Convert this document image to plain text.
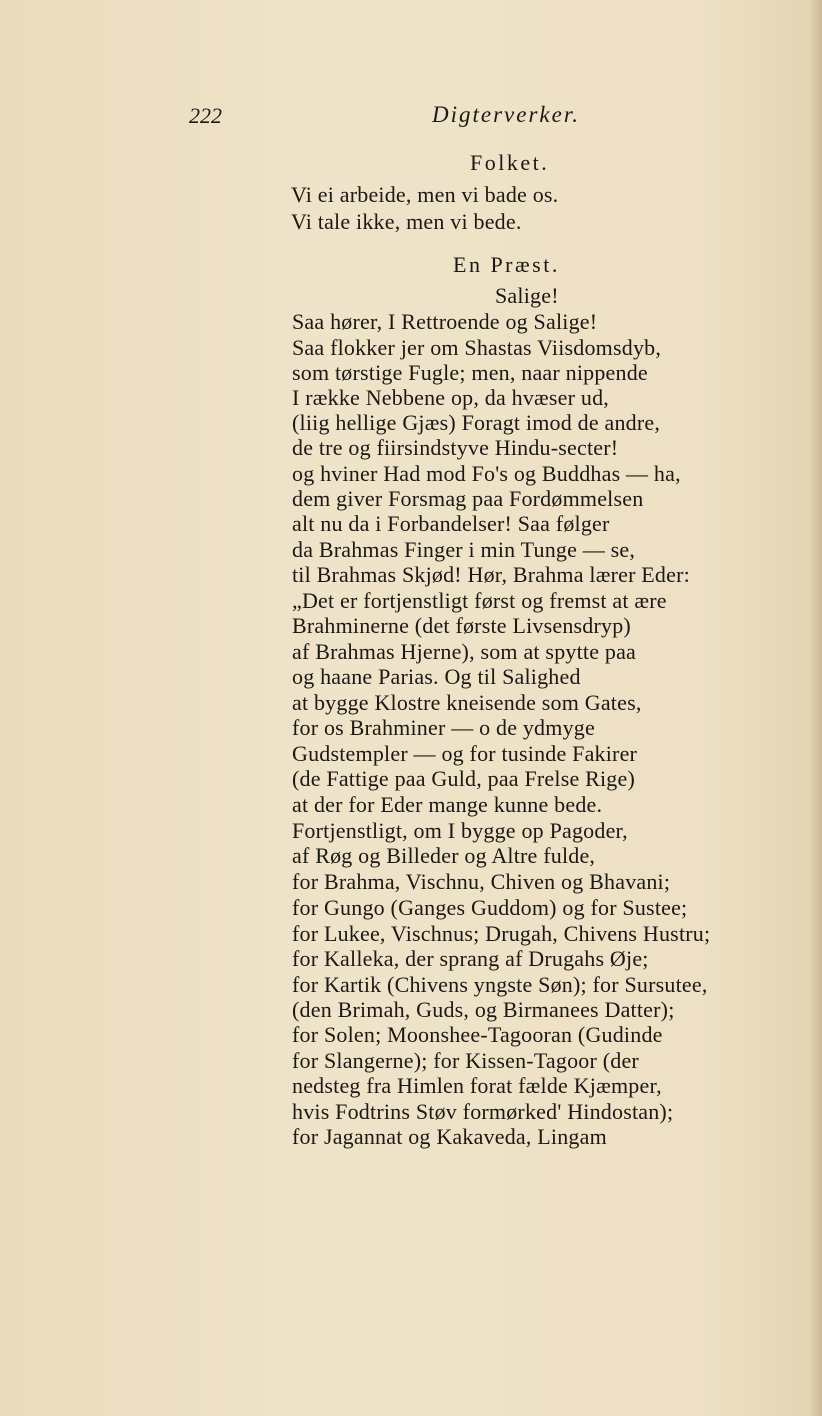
222	Digterverker.
Folket.
Vi ei arbeide, men vi bade os.
Vi tale ikke, men vi bede.
En Præst.
Salige!
Saa hører, I Rettroende og Salige!
Saa flokker jer om Shastas Viisdomsdyb,
som tørstige Fugle; men, naar nippende
I række Nebbene op, da hvæser ud,
(liig hellige Gjæs) Foragt imod de andre,
de tre og fiirsindstyve Hindu-secter!
og hviner Had mod Fo's og Buddhas — ha,
dem giver Forsmag paa Fordømmelsen
alt nu da i Forbandelser! Saa følger
da Brahmas Finger i min Tunge — se,
til Brahmas Skjød! Hør, Brahma lærer Eder:
„Det er fortjenstligt først og fremst at ære
Brahminerne (det første Livsensdryp)
af Brahmas Hjerne), som at spytte paa
og haane Parias. Og til Salighed
at bygge Klostre kneisende som Gates,
for os Brahminer — o de ydmyge
Gudstempler — og for tusinde Fakirer
(de Fattige paa Guld, paa Frelse Rige)
at der for Eder mange kunne bede.
Fortjenstligt, om I bygge op Pagoder,
af Røg og Billeder og Altre fulde,
for Brahma, Vischnu, Chiven og Bhavani;
for Gungo (Ganges Guddom) og for Sustee;
for Lukee, Vischnus; Drugah, Chivens Hustru;
for Kalleka, der sprang af Drugahs Øje;
for Kartik (Chivens yngste Søn); for Sursutee,
(den Brimah, Guds, og Birmanees Datter);
for Solen; Moonshee-Tagooran (Gudinde
for Slangerne); for Kissen-Tagoor (der
nedsteg fra Himlen forat fælde Kjæmper,
hvis Fodtrins Støv formørked' Hindostan);
for Jagannat og Kakaveda, Lingam
